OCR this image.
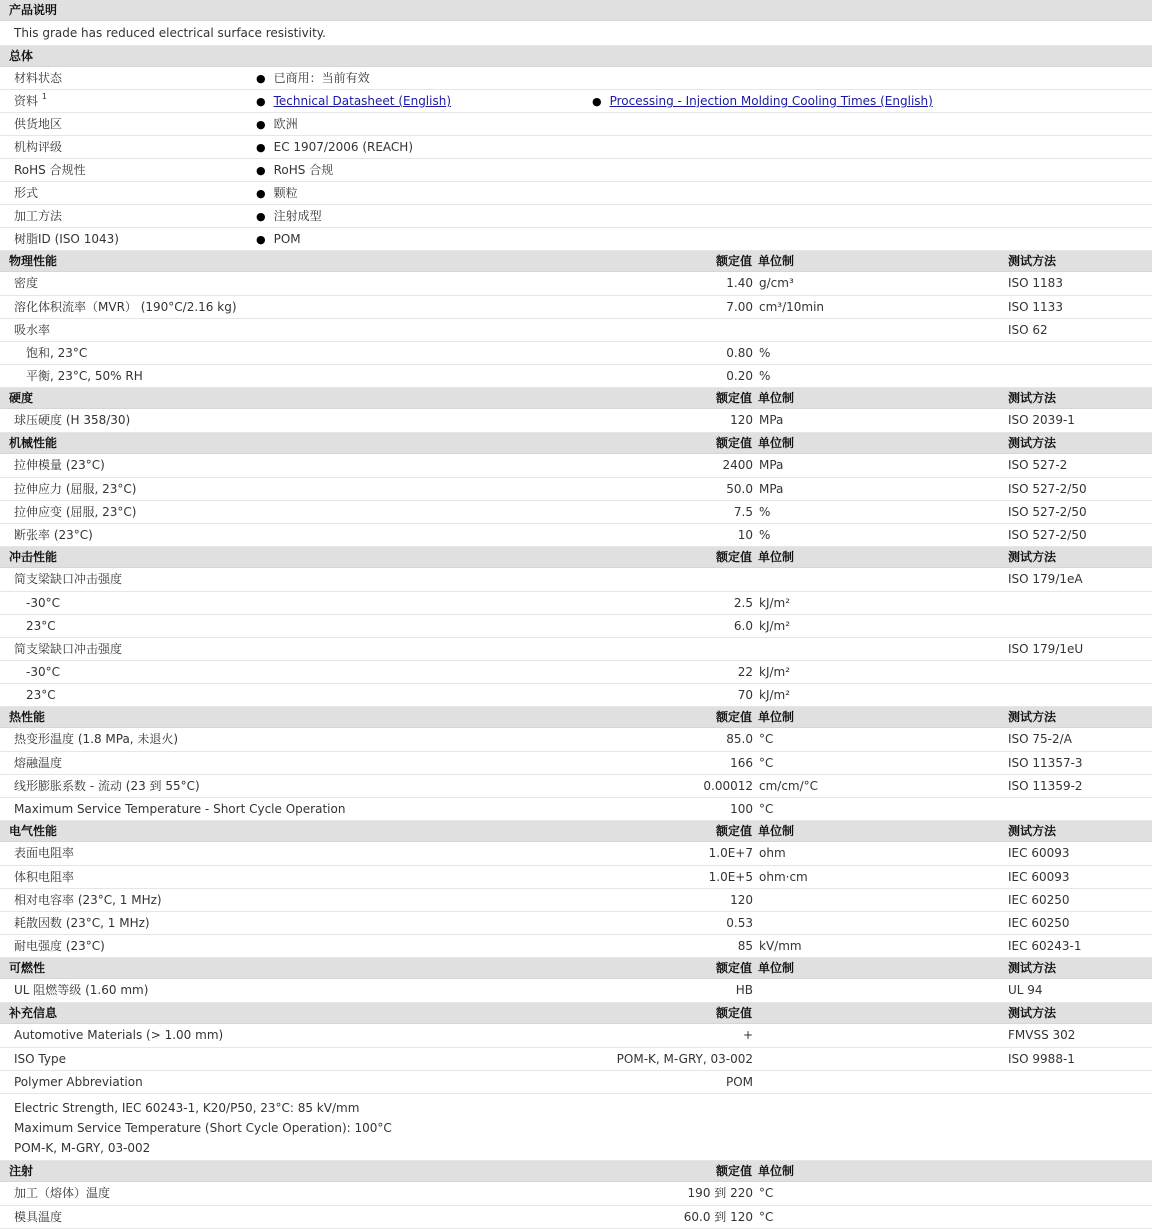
产品说明
This grade has reduced electrical surface resistivity.
总体
材料状态	● 已商用：当前有效
资料 $^1$	● Technical Datasheet (English)	● Processing - Injection Molding Cooling Times (English)
供货地区	● 欧洲
机构评级	● EC 1907/2006 (REACH)
RoHS 合规性	● RoHS 合规
形式	● 颗粒
加工方法	● 注射成型
树脂ID (ISO 1043)	● POM
物理性能	额定值 单位制	测试方法
密度	1.40 g/cm³	ISO 1183
溶化体积流率（MVR） (190°C/2.16 kg)	7.00 cm³/10min	ISO 1133
吸水率	ISO 62
饱和, 23°C	0.80 %
平衡, 23°C, 50% RH	0.20 %
硬度	额定值 单位制	测试方法
球压硬度 (H 358/30)	120 MPa	ISO 2039-1
机械性能	额定值 单位制	测试方法
拉伸模量 (23°C)	2400 MPa	ISO 527-2
拉伸应力 (屈服, 23°C)	50.0 MPa	ISO 527-2/50
拉伸应变 (屈服, 23°C)	7.5 %	ISO 527-2/50
断张率 (23°C)	10 %	ISO 527-2/50
冲击性能	额定值 单位制	测试方法
简支梁缺口冲击强度	ISO 179/1eA
-30°C	2.5 kJ/m²
23°C	6.0 kJ/m²
简支梁缺口冲击强度	ISO 179/1eU
-30°C	22 kJ/m²
23°C	70 kJ/m²
热性能	额定值 单位制	测试方法
热变形温度 (1.8 MPa, 未退火)	85.0 °C	ISO 75-2/A
熔融温度	166 °C	ISO 11357-3
线形膨胀系数 - 流动 (23 到 55°C)	0.00012 cm/cm/°C	ISO 11359-2
Maximum Service Temperature - Short Cycle Operation	100 °C
电气性能	额定值 单位制	测试方法
表面电阻率	1.0E+7 ohm	IEC 60093
体积电阻率	1.0E+5 ohm·cm	IEC 60093
相对电容率 (23°C, 1 MHz)	120	IEC 60250
耗散因数 (23°C, 1 MHz)	0.53	IEC 60250
耐电强度 (23°C)	85 kV/mm	IEC 60243-1
可燃性	额定值 单位制	测试方法
UL 阻燃等级 (1.60 mm)	HB	UL 94
补充信息	额定值	测试方法
Automotive Materials (> 1.00 mm)	+	FMVSS 302
ISO Type	POM-K, M-GRY, 03-002	ISO 9988-1
Polymer Abbreviation	POM
Electric Strength, IEC 60243-1, K20/P50, 23°C: 85 kV/mm
Maximum Service Temperature (Short Cycle Operation): 100°C
POM-K, M-GRY, 03-002
注射	额定值 单位制
加工（熔体）温度	190 到 220 °C
模具温度	60.0 到 120 °C
